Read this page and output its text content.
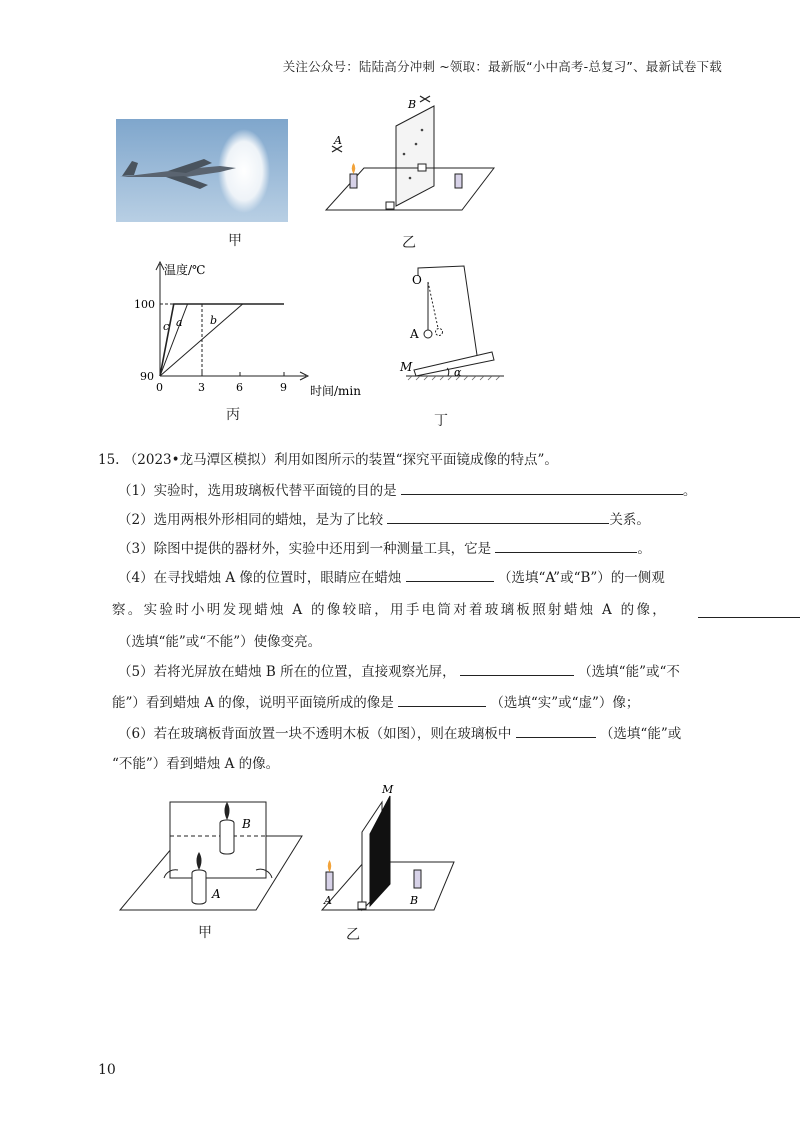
关注公众号：陆陆高分冲刺 ~领取：最新版“小中高考-总复习”、最新试卷下载
甲
A
B
乙
温度/℃
时间/min
100
90
0	3	6	9
c a b
丙
O
A
M	α
丁
15. （2023•龙马潭区模拟）利用如图所示的装置“探究平面镜成像的特点”。
（1）实验时，选用玻璃板代替平面镜的目的是	。
（2）选用两根外形相同的蜡烛，是为了比较	关系。
（3）除图中提供的器材外，实验中还用到一种测量工具，它是	。
（4）在寻找蜡烛 A 像的位置时，眼睛应在蜡烛	（选填“A”或“B”）的一侧观
察。实验时小明发现蜡烛 A 的像较暗，用手电筒对着玻璃板照射蜡烛 A 的像，
（选填“能”或“不能”）使像变亮。
（5）若将光屏放在蜡烛 B 所在的位置，直接观察光屏，	（选填“能”或“不
能”）看到蜡烛 A 的像，说明平面镜所成的像是	（选填“实”或“虚”）像；
（6）若在玻璃板背面放置一块不透明木板（如图），则在玻璃板中	（选填“能”或
“不能”）看到蜡烛 A 的像。
B
A
甲
M
A	B
乙
10
